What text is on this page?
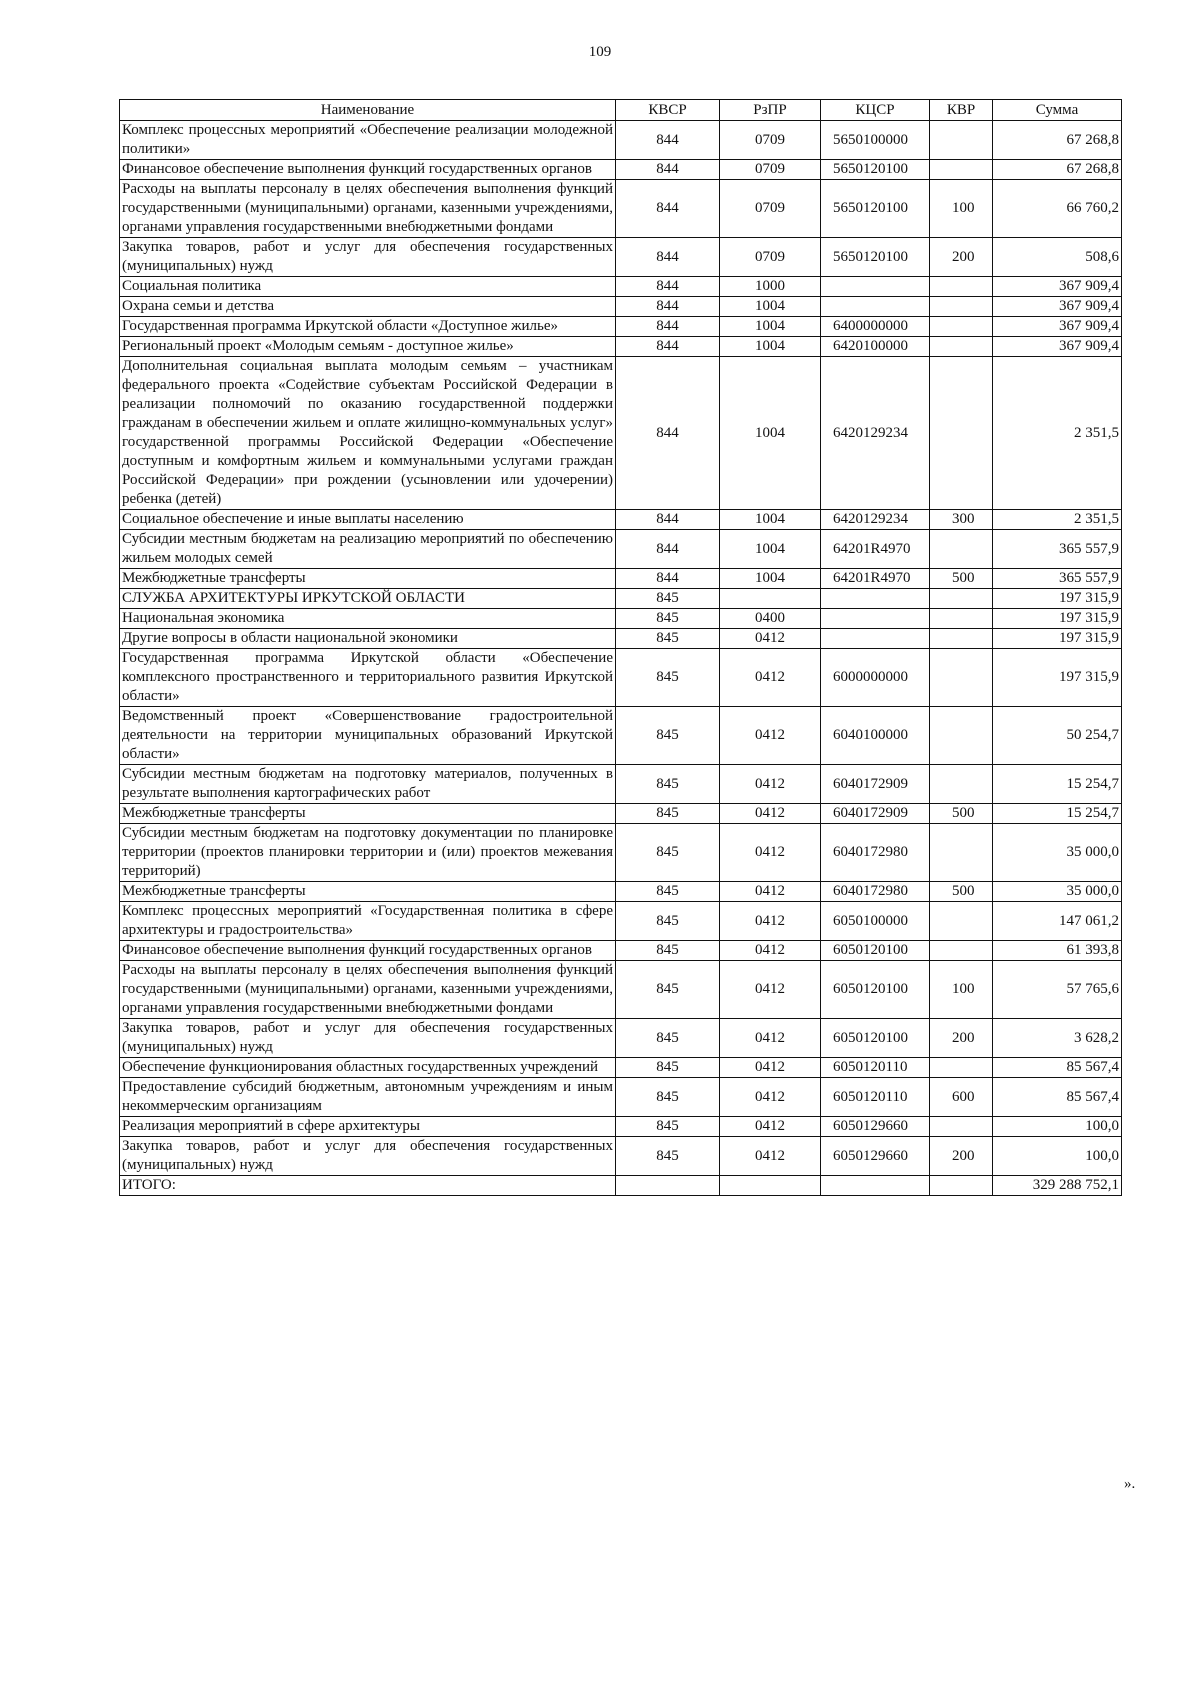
109
Наименование	КВСР	РзПР	КЦСР	КВР	Сумма
Комплекс процессных мероприятий «Обеспечение реализации молодежной политики»	844	0709	5650100000		67 268,8
Финансовое обеспечение выполнения функций государственных органов	844	0709	5650120100		67 268,8
Расходы на выплаты персоналу в целях обеспечения выполнения функций государственными (муниципальными) органами, казенными учреждениями, органами управления государственными внебюджетными фондами	844	0709	5650120100	100	66 760,2
Закупка товаров, работ и услуг для обеспечения государственных (муниципальных) нужд	844	0709	5650120100	200	508,6
Социальная политика	844	1000			367 909,4
Охрана семьи и детства	844	1004			367 909,4
Государственная программа Иркутской области «Доступное жилье»	844	1004	6400000000		367 909,4
Региональный проект «Молодым семьям - доступное жилье»	844	1004	6420100000		367 909,4
Дополнительная социальная выплата молодым семьям – участникам федерального проекта «Содействие субъектам Российской Федерации в реализации полномочий по оказанию государственной поддержки гражданам в обеспечении жильем и оплате жилищно-коммунальных услуг» государственной программы Российской Федерации «Обеспечение доступным и комфортным жильем и коммунальными услугами граждан Российской Федерации» при рождении (усыновлении или удочерении) ребенка (детей)	844	1004	6420129234		2 351,5
Социальное обеспечение и иные выплаты населению	844	1004	6420129234	300	2 351,5
Субсидии местным бюджетам на реализацию мероприятий по обеспечению жильем молодых семей	844	1004	64201R4970		365 557,9
Межбюджетные трансферты	844	1004	64201R4970	500	365 557,9
СЛУЖБА АРХИТЕКТУРЫ ИРКУТСКОЙ ОБЛАСТИ	845				197 315,9
Национальная экономика	845	0400			197 315,9
Другие вопросы в области национальной экономики	845	0412			197 315,9
Государственная программа Иркутской области «Обеспечение комплексного пространственного и территориального развития Иркутской области»	845	0412	6000000000		197 315,9
Ведомственный проект «Совершенствование градостроительной деятельности на территории муниципальных образований Иркутской области»	845	0412	6040100000		50 254,7
Субсидии местным бюджетам на подготовку материалов, полученных в результате выполнения картографических работ	845	0412	6040172909		15 254,7
Межбюджетные трансферты	845	0412	6040172909	500	15 254,7
Субсидии местным бюджетам на подготовку документации по планировке территории (проектов планировки территории и (или) проектов межевания территорий)	845	0412	6040172980		35 000,0
Межбюджетные трансферты	845	0412	6040172980	500	35 000,0
Комплекс процессных мероприятий «Государственная политика в сфере архитектуры и градостроительства»	845	0412	6050100000		147 061,2
Финансовое обеспечение выполнения функций государственных органов	845	0412	6050120100		61 393,8
Расходы на выплаты персоналу в целях обеспечения выполнения функций государственными (муниципальными) органами, казенными учреждениями, органами управления государственными внебюджетными фондами	845	0412	6050120100	100	57 765,6
Закупка товаров, работ и услуг для обеспечения государственных (муниципальных) нужд	845	0412	6050120100	200	3 628,2
Обеспечение функционирования областных государственных учреждений	845	0412	6050120110		85 567,4
Предоставление субсидий бюджетным, автономным учреждениям и иным некоммерческим организациям	845	0412	6050120110	600	85 567,4
Реализация мероприятий в сфере архитектуры	845	0412	6050129660		100,0
Закупка товаров, работ и услуг для обеспечения государственных (муниципальных) нужд	845	0412	6050129660	200	100,0
ИТОГО:					329 288 752,1
».
